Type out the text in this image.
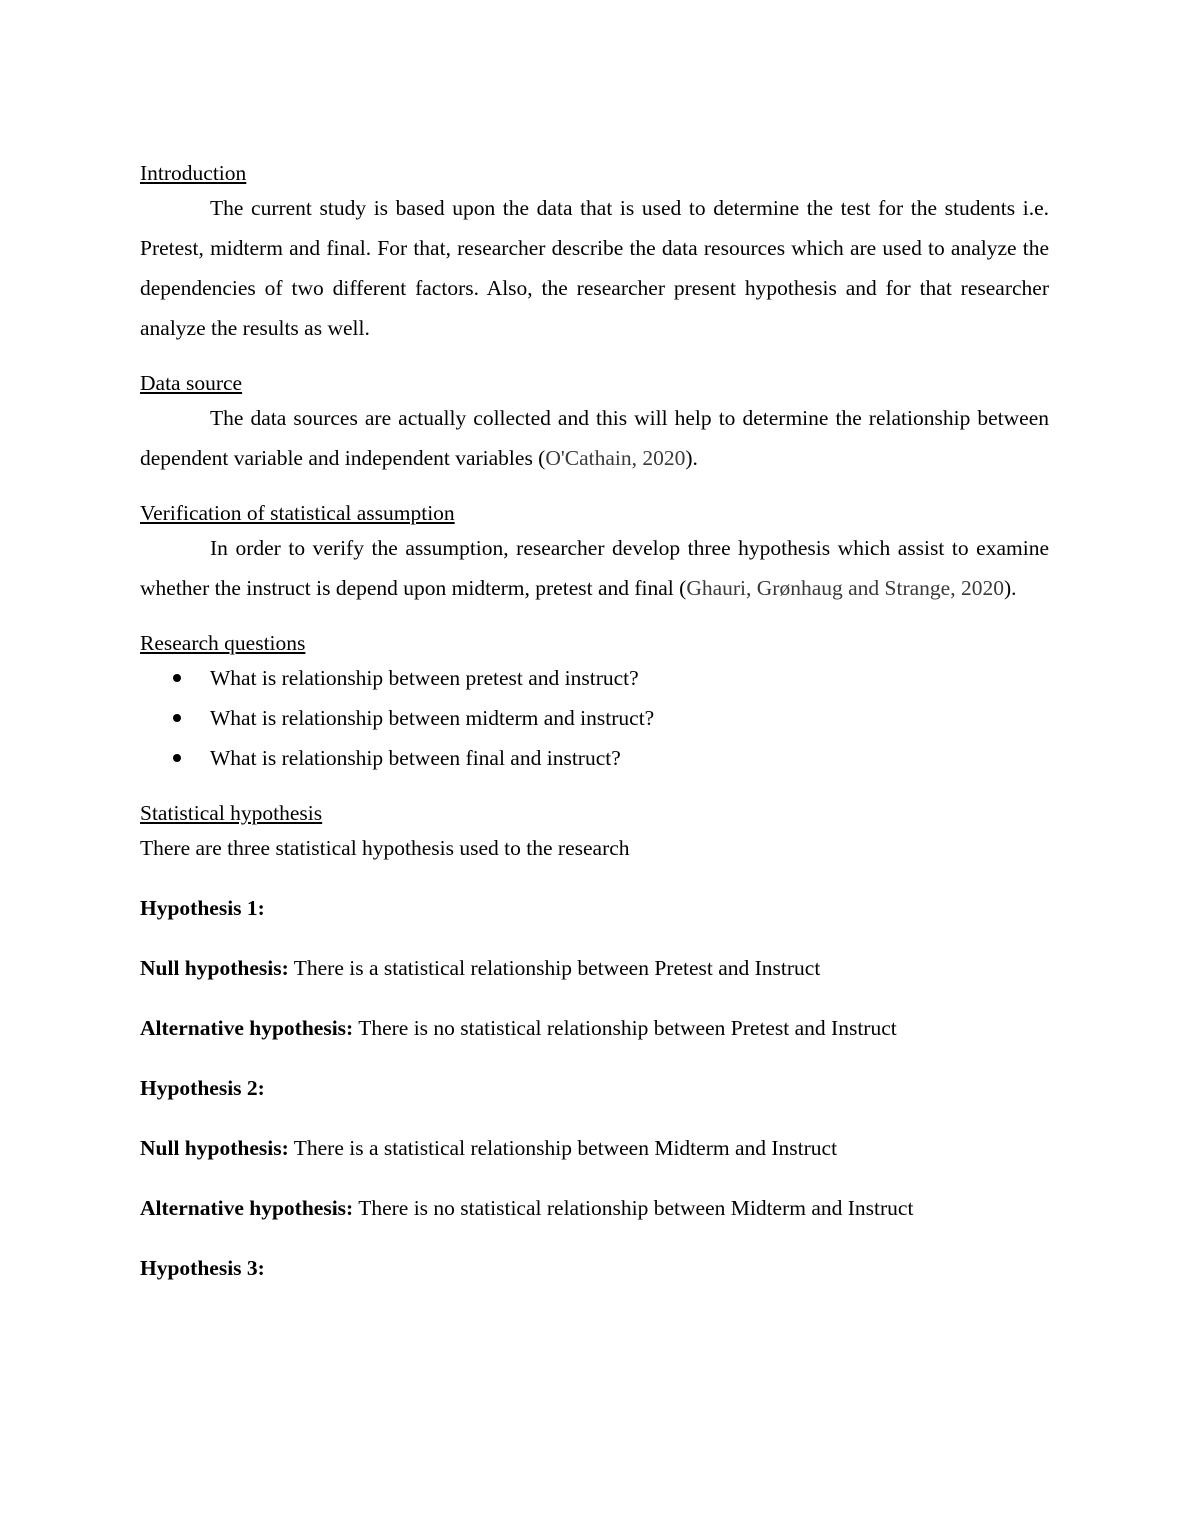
Introduction

The current study is based upon the data that is used to determine the test for the students i.e. Pretest, midterm and final. For that, researcher describe the data resources which are used to analyze the dependencies of two different factors. Also, the researcher present hypothesis and for that researcher analyze the results as well.

Data source

The data sources are actually collected and this will help to determine the relationship between dependent variable and independent variables (O'Cathain, 2020).

Verification of statistical assumption

In order to verify the assumption, researcher develop three hypothesis which assist to examine whether the instruct is depend upon midterm, pretest and final (Ghauri, Grønhaug and Strange, 2020).

Research questions

What is relationship between pretest and instruct?
What is relationship between midterm and instruct?
What is relationship between final and instruct?

Statistical hypothesis

There are three statistical hypothesis used to the research

Hypothesis 1:

Null hypothesis: There is a statistical relationship between Pretest and Instruct

Alternative hypothesis: There is no statistical relationship between Pretest and Instruct

Hypothesis 2:

Null hypothesis: There is a statistical relationship between Midterm and Instruct

Alternative hypothesis: There is no statistical relationship between Midterm and Instruct

Hypothesis 3:
